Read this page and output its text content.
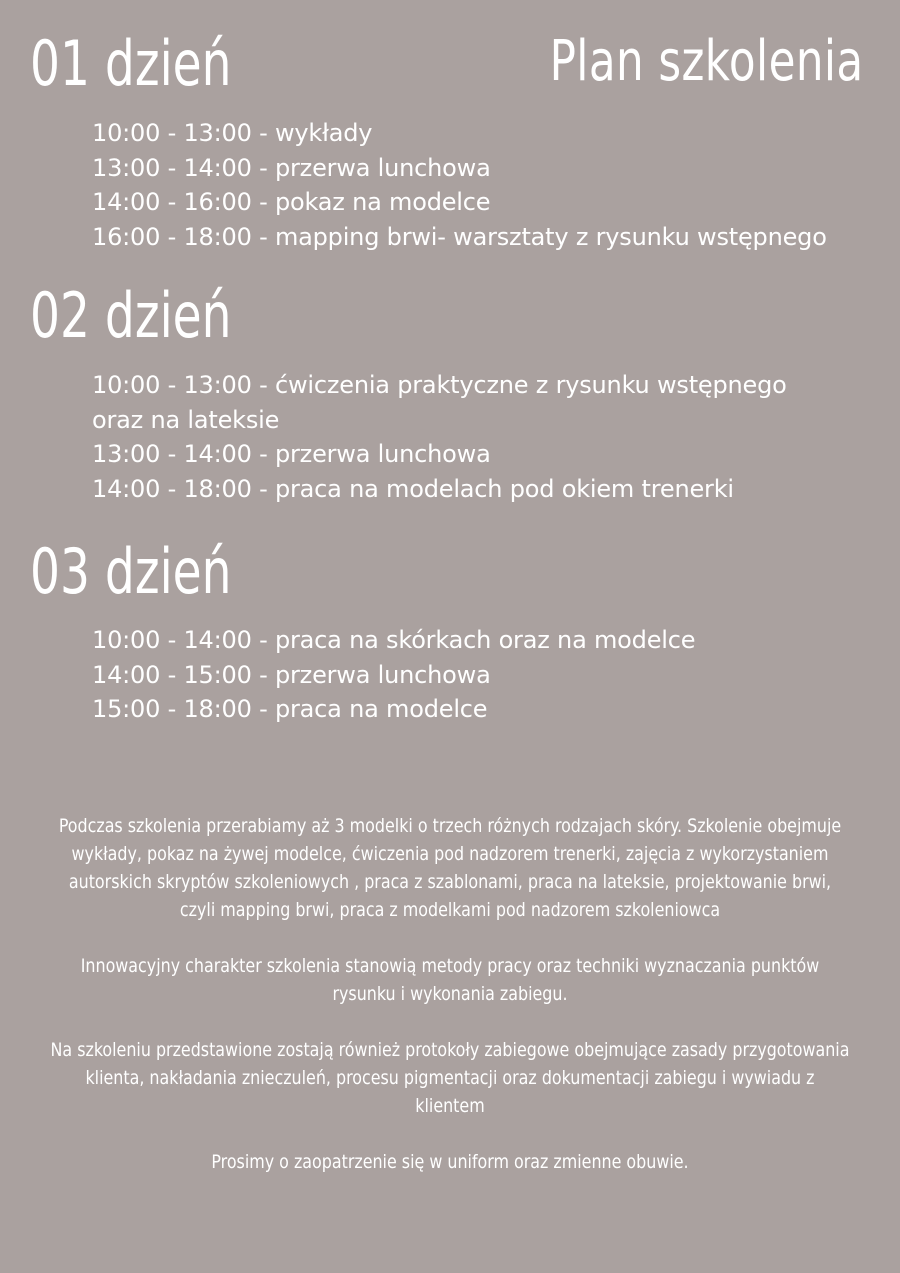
Plan szkolenia
01 dzień
10:00 - 13:00 - wykłady
13:00 - 14:00 - przerwa lunchowa
14:00 - 16:00 - pokaz na modelce
16:00 - 18:00 - mapping brwi- warsztaty z rysunku wstępnego
02 dzień
10:00 - 13:00 - ćwiczenia praktyczne z rysunku wstępnego oraz na lateksie
13:00 - 14:00 - przerwa lunchowa
14:00 - 18:00 - praca na modelach pod okiem trenerki
03 dzień
10:00 - 14:00 - praca na skórkach oraz na modelce
14:00 - 15:00 - przerwa lunchowa
15:00 - 18:00 - praca na modelce

Podczas szkolenia przerabiamy aż 3 modelki o trzech różnych rodzajach skóry. Szkolenie obejmuje wykłady, pokaz na żywej modelce, ćwiczenia pod nadzorem trenerki, zajęcia z wykorzystaniem autorskich skryptów szkoleniowych , praca z szablonami, praca na lateksie, projektowanie brwi, czyli mapping brwi, praca z modelkami pod nadzorem szkoleniowca

Innowacyjny charakter szkolenia stanowią metody pracy oraz techniki wyznaczania punktów rysunku i wykonania zabiegu.

Na szkoleniu przedstawione zostają również protokoły zabiegowe obejmujące zasady przygotowania klienta, nakładania znieczuleń, procesu pigmentacji oraz dokumentacji zabiegu i wywiadu z klientem

Prosimy o zaopatrzenie się w uniform oraz zmienne obuwie.
